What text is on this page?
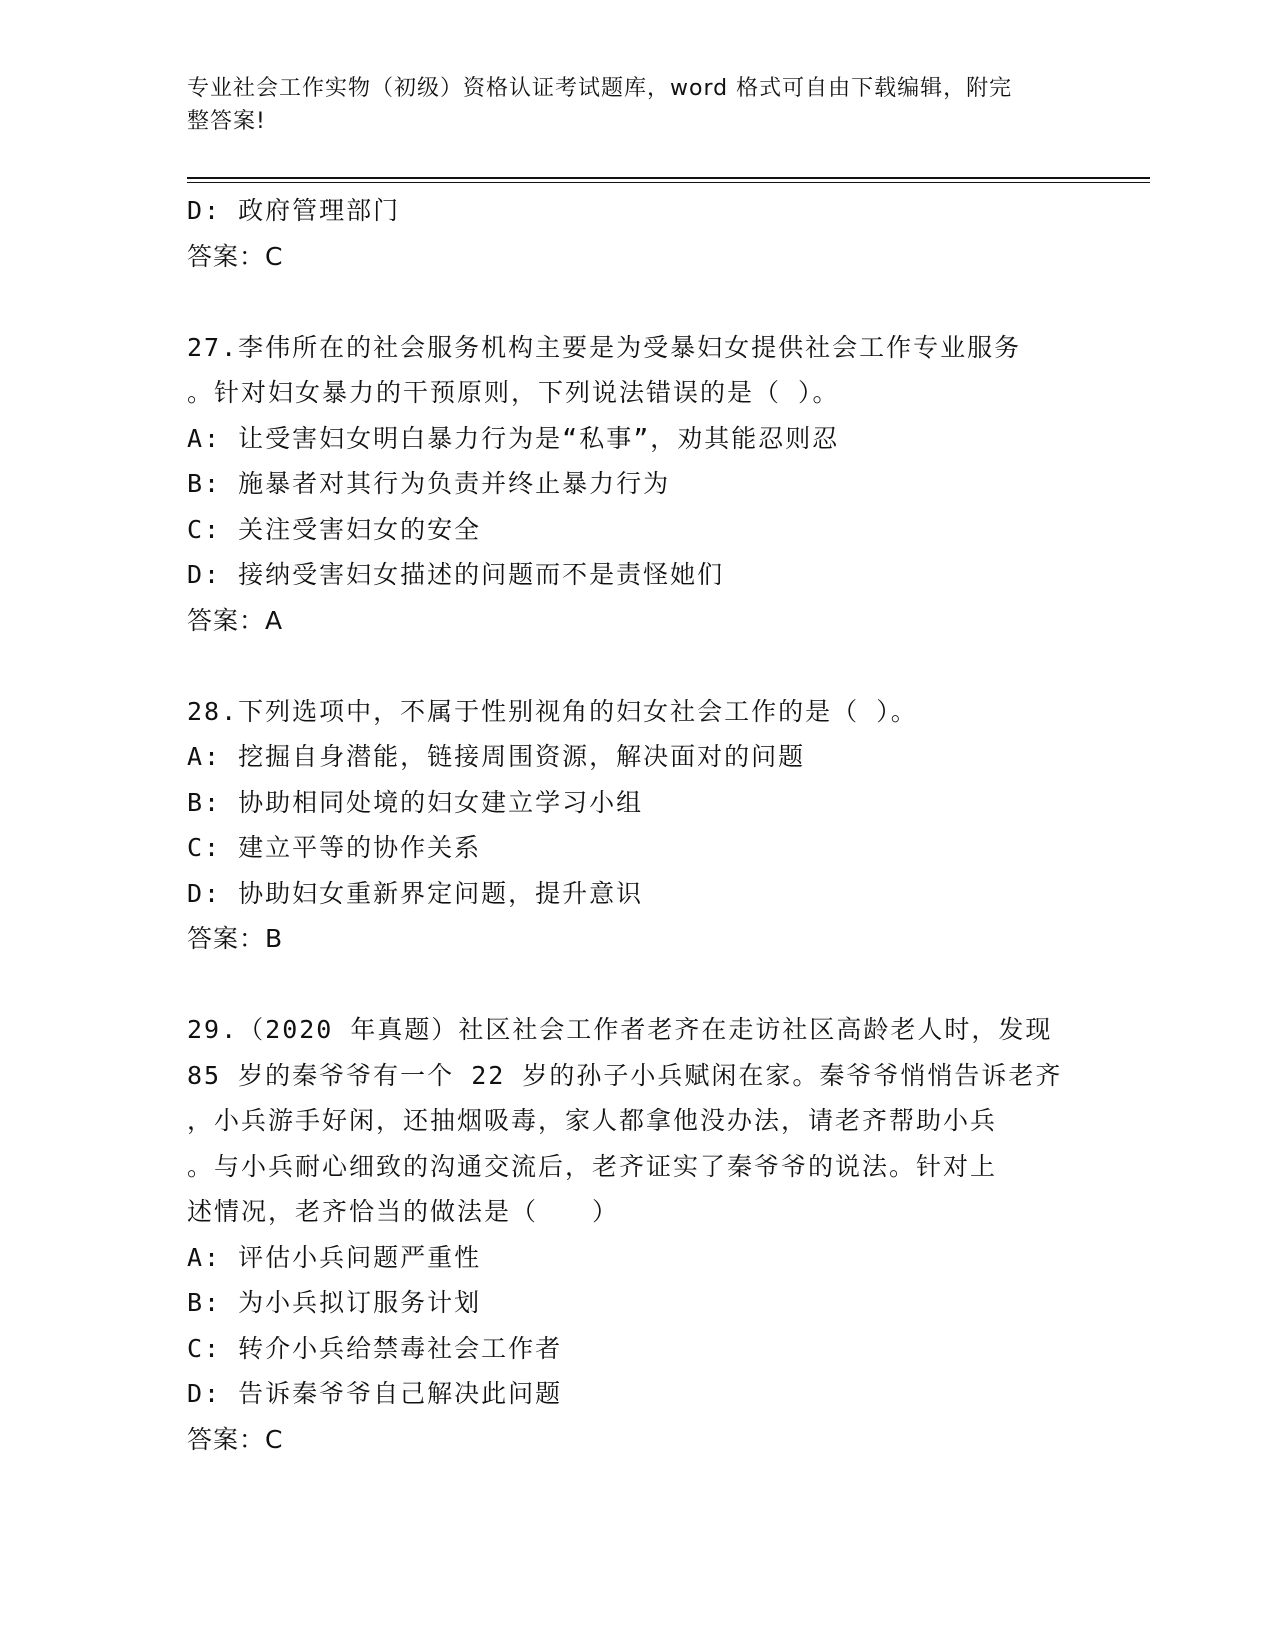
专业社会工作实物（初级）资格认证考试题库，word 格式可自由下载编辑，附完
整答案!
D: 政府管理部门
答案：C
27.李伟所在的社会服务机构主要是为受暴妇女提供社会工作专业服务
。针对妇女暴力的干预原则，下列说法错误的是（ ）。
A: 让受害妇女明白暴力行为是“私事”，劝其能忍则忍
B: 施暴者对其行为负责并终止暴力行为
C: 关注受害妇女的安全
D: 接纳受害妇女描述的问题而不是责怪她们
答案：A
28.下列选项中，不属于性别视角的妇女社会工作的是（ ）。
A: 挖掘自身潜能，链接周围资源，解决面对的问题
B: 协助相同处境的妇女建立学习小组
C: 建立平等的协作关系
D: 协助妇女重新界定问题，提升意识
答案：B
29.（2020 年真题）社区社会工作者老齐在走访社区高龄老人时，发现
85 岁的秦爷爷有一个 22 岁的孙子小兵赋闲在家。秦爷爷悄悄告诉老齐
，小兵游手好闲，还抽烟吸毒，家人都拿他没办法，请老齐帮助小兵
。与小兵耐心细致的沟通交流后，老齐证实了秦爷爷的说法。针对上
述情况，老齐恰当的做法是（　　）
A: 评估小兵问题严重性
B: 为小兵拟订服务计划
C: 转介小兵给禁毒社会工作者
D: 告诉秦爷爷自己解决此问题
答案：C
